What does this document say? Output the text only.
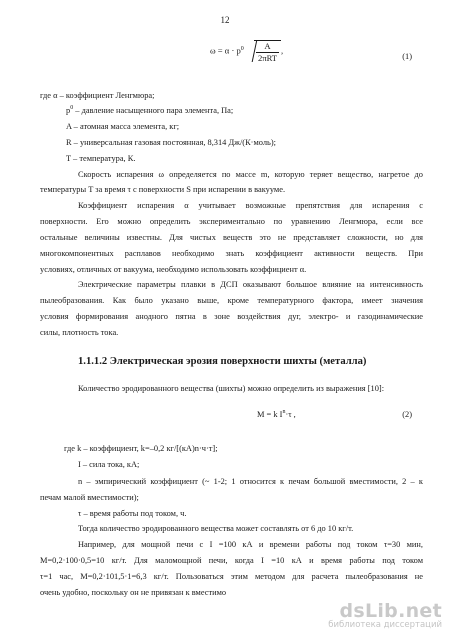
12
$\omega = \alpha \cdot p^0 \frac{A}{\text{2πRT}}$ ,
(1)
где α – коэффициент Ленгмюра;
$р^0$ – давление насыщенного пара элемента, Па;
A – атомная масса элемента, кг;
R – универсальная газовая постоянная, 8,314 Дж/(К·моль);
T – температура, К.
Скорость испарения ω определяется по массе m, которую теряет вещество, нагретое до
температуры T за время τ с поверхности S при испарении в вакууме.
Коэффициент испарения α учитывает возможные препятствия для испарения с
поверхности. Его можно определить экспериментально по уравнению Ленгмюра, если все
остальные величины известны. Для чистых веществ это не представляет сложности, но для
многокомпонентных расплавов необходимо знать коэффициент активности веществ. При
условиях, отличных от вакуума, необходимо использовать коэффициент α.
Электрические параметры плавки в ДСП оказывают большое влияние на интенсивность
пылеобразования. Как было указано выше, кроме температурного фактора, имеет значения
условия формирования анодного пятна в зоне воздействия дуг, электро- и газодинамические
силы, плотность тока.
1.1.1.2 Электрическая эрозия поверхности шихты (металла)
Количество эродированного вещества (шихты) можно определить из выражения [10]:
M = k $I^n\cdot\tau$ ,	(2)
где k – коэффициент, k=–0,2 кг/[(кА)n·ч·т];
I – сила тока, кА;
n – эмпирический коэффициент (~ 1-2; 1 относится к печам большой вместимости, 2 – к
печам малой вместимости);
τ – время работы под током, ч.
Тогда количество эродированного вещества может составлять от 6 до 10 кг/т.
Например, для мощной печи с I =100 кА и времени работы под током τ=30 мин,
M=0,2·100·0,5=10 кг/т. Для маломощной печи, когда I =10 кА и время работы под током
τ=1 час, M=0,2·101,5·1=6,3 кг/т. Пользоваться этим методом для расчета пылеобразования не
очень удобно, поскольку он не привязан к вместимо
dsLib.net
библиотека диссертаций
